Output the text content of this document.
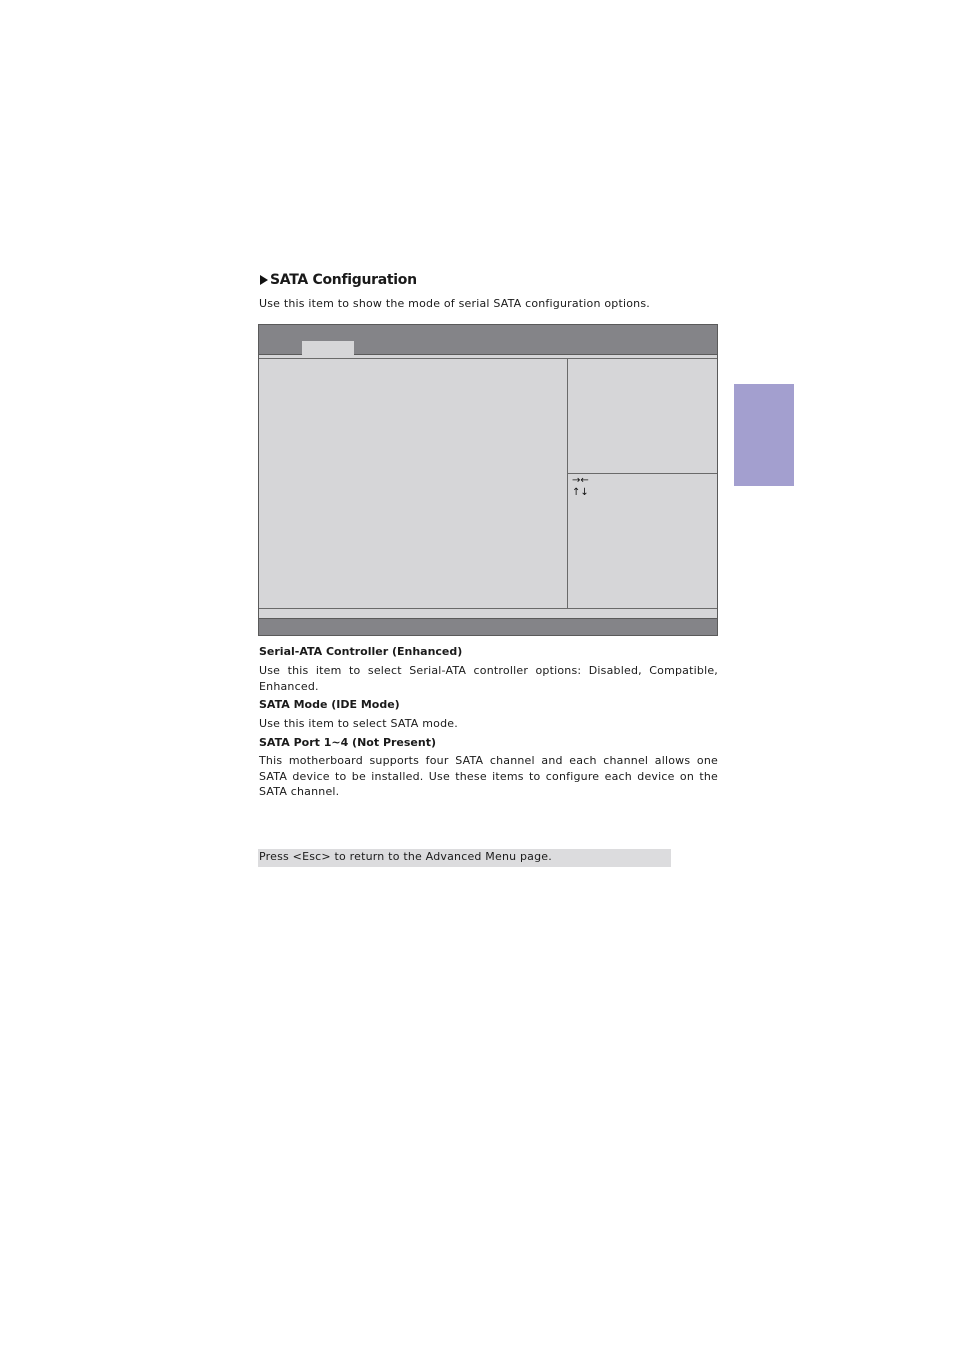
SATA Configuration
Use this item to show the mode of serial SATA configuration options.
→←
↑↓
Serial-ATA Controller (Enhanced)
Use this item to select Serial-ATA controller options: Disabled, Compatible, Enhanced.
SATA Mode (IDE Mode)
Use this item to select SATA mode.
SATA Port 1~4 (Not Present)
This motherboard supports four SATA channel and each channel allows one SATA device to be installed. Use these items to configure each device on the SATA channel.
Press <Esc> to return to the Advanced Menu page.
